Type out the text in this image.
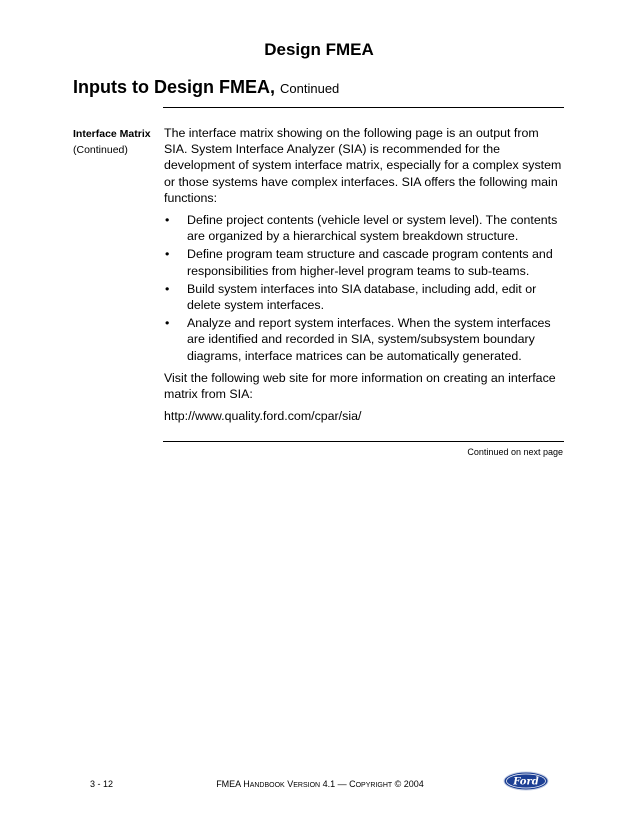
Design FMEA
Inputs to Design FMEA, Continued
Interface Matrix
(Continued)

The interface matrix showing on the following page is an output from SIA. System Interface Analyzer (SIA) is recommended for the development of system interface matrix, especially for a complex system or those systems have complex interfaces. SIA offers the following main functions:

• Define project contents (vehicle level or system level). The contents are organized by a hierarchical system breakdown structure.
• Define program team structure and cascade program contents and responsibilities from higher-level program teams to sub-teams.
• Build system interfaces into SIA database, including add, edit or delete system interfaces.
• Analyze and report system interfaces. When the system interfaces are identified and recorded in SIA, system/subsystem boundary diagrams, interface matrices can be automatically generated.

Visit the following web site for more information on creating an interface matrix from SIA:

http://www.quality.ford.com/cpar/sia/

Continued on next page
3 - 12	FMEA HANDBOOK VERSION 4.1 — COPYRIGHT © 2004	Ford
